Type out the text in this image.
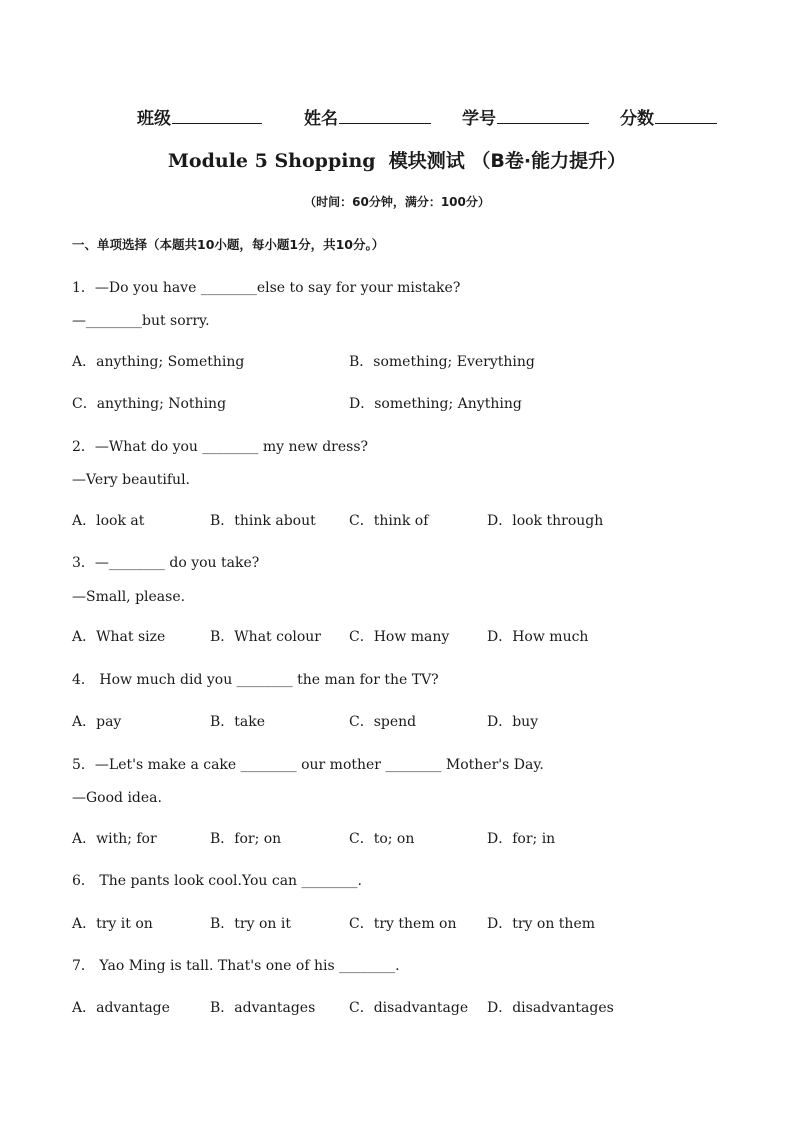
班级	姓名	学号	分数
Module 5 Shopping 模块测试 （B卷·能力提升）
（时间：60分钟，满分：100分）
一、单项选择（本题共10小题，每小题1分，共10分。）
1．—Do you have ________else to say for your mistake?
—________but sorry.
A．anything; Something	B．something; Everything
C．anything; Nothing	D．something; Anything
2．—What do you ________ my new dress?
—Very beautiful.
A．look at	B．think about C．think of	D．look through
3．—________ do you take?
—Small, please.
A．What size	B．What colour C．How many	D．How much
4． How much did you ________ the man for the TV?
A．pay	B．take	C．spend	D．buy
5．—Let's make a cake ________ our mother ________ Mother's Day.
—Good idea.
A．with; for	B．for; on	C．to; on	D．for; in
6． The pants look cool.You can ________.
A．try it on	B．try on it	C．try them on D．try on them
7． Yao Ming is tall. That's one of his ________.
A．advantage	B．advantages C．disadvantage D．disadvantages
